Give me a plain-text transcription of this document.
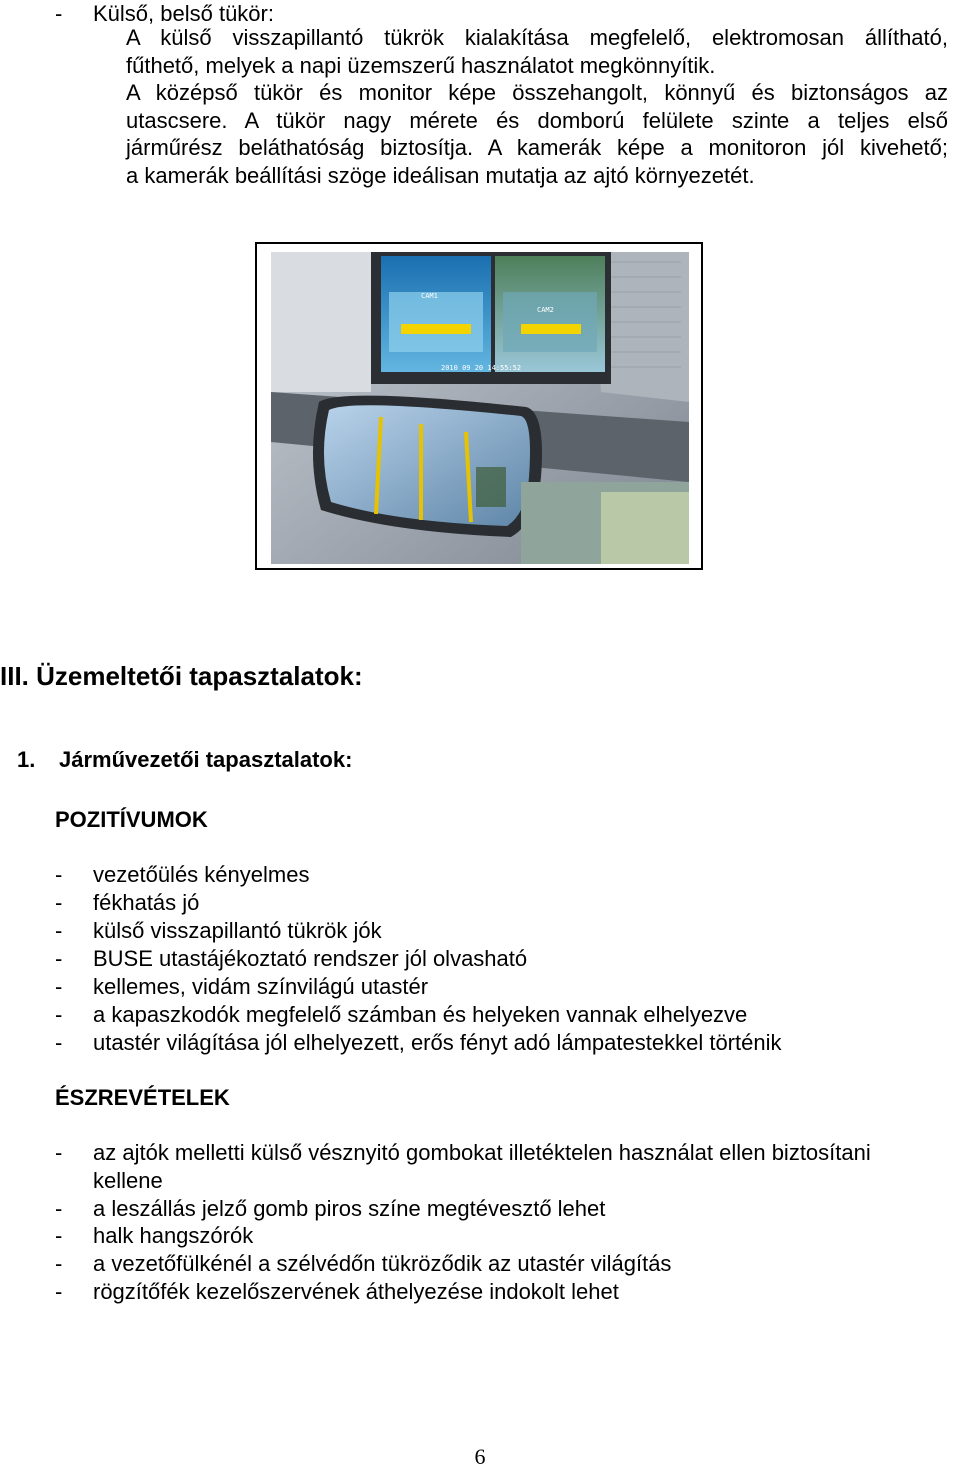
- Külső, belső tükör:
A külső visszapillantó tükrök kialakítása megfelelő, elektromosan állítható,
fűthető, melyek a napi üzemszerű használatot megkönnyítik.
A középső tükör és monitor képe összehangolt, könnyű és biztonságos az
utascsere. A tükör nagy mérete és domború felülete szinte a teljes első
járműrész beláthatóság biztosítja. A kamerák képe a monitoron jól kivehető;
a kamerák beállítási szöge ideálisan mutatja az ajtó környezetét.
CAM1
CAM2
2010 09 20 14:55:52
III. Üzemeltetői tapasztalatok:
1. Járművezetői tapasztalatok:
POZITÍVUMOK
- vezetőülés kényelmes
- fékhatás jó
- külső visszapillantó tükrök jók
- BUSE utastájékoztató rendszer jól olvasható
- kellemes, vidám színvilágú utastér
- a kapaszkodók megfelelő számban és helyeken vannak elhelyezve
- utastér világítása jól elhelyezett, erős fényt adó lámpatestekkel történik
ÉSZREVÉTELEK
- az ajtók melletti külső vésznyitó gombokat illetéktelen használat ellen biztosítani
kellene
- a leszállás jelző gomb piros színe megtévesztő lehet
- halk hangszórók
- a vezetőfülkénél a szélvédőn tükröződik az utastér világítás
- rögzítőfék kezelőszervének áthelyezése indokolt lehet
6
